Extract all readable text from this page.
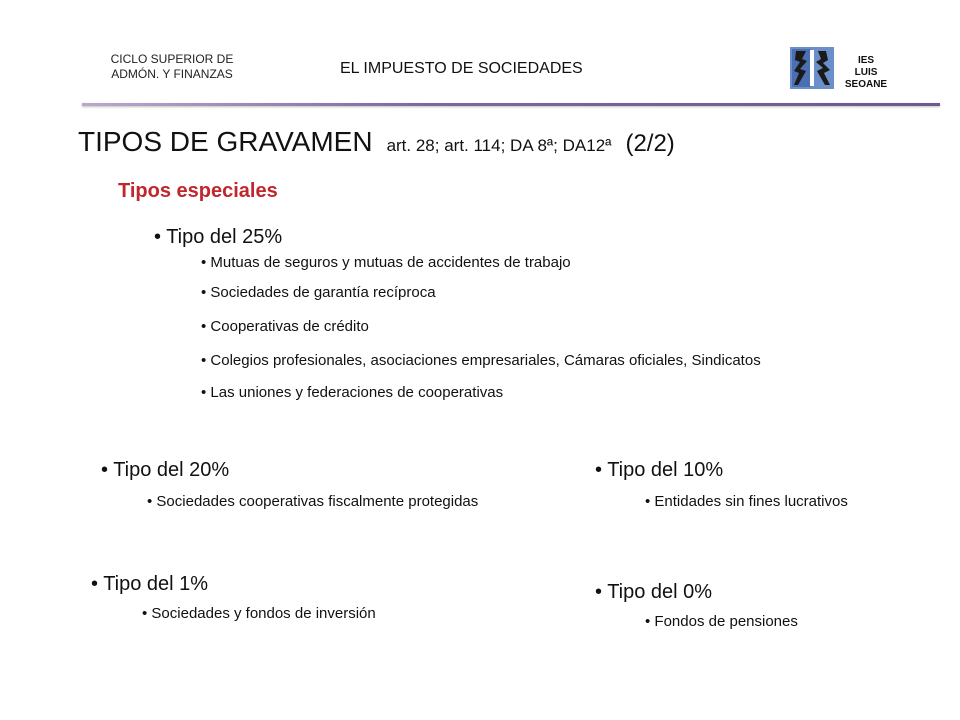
CICLO SUPERIOR DE
ADMÓN. Y FINANZAS	EL IMPUESTO DE SOCIEDADES	IES
LUIS SEOANE
TIPOS DE GRAVAMEN art. 28; art. 114; DA 8ª; DA12ª (2/2)
Tipos especiales
• Tipo del 25%
• Mutuas de seguros y mutuas de accidentes de trabajo
• Sociedades de garantía recíproca
• Cooperativas de crédito
• Colegios profesionales, asociaciones empresariales, Cámaras oficiales, Sindicatos
• Las uniones y federaciones de cooperativas
• Tipo del 20%
• Sociedades cooperativas fiscalmente protegidas
• Tipo del 10%
• Entidades sin fines lucrativos
• Tipo del 1%
• Sociedades y fondos de inversión
• Tipo del 0%
• Fondos de pensiones
